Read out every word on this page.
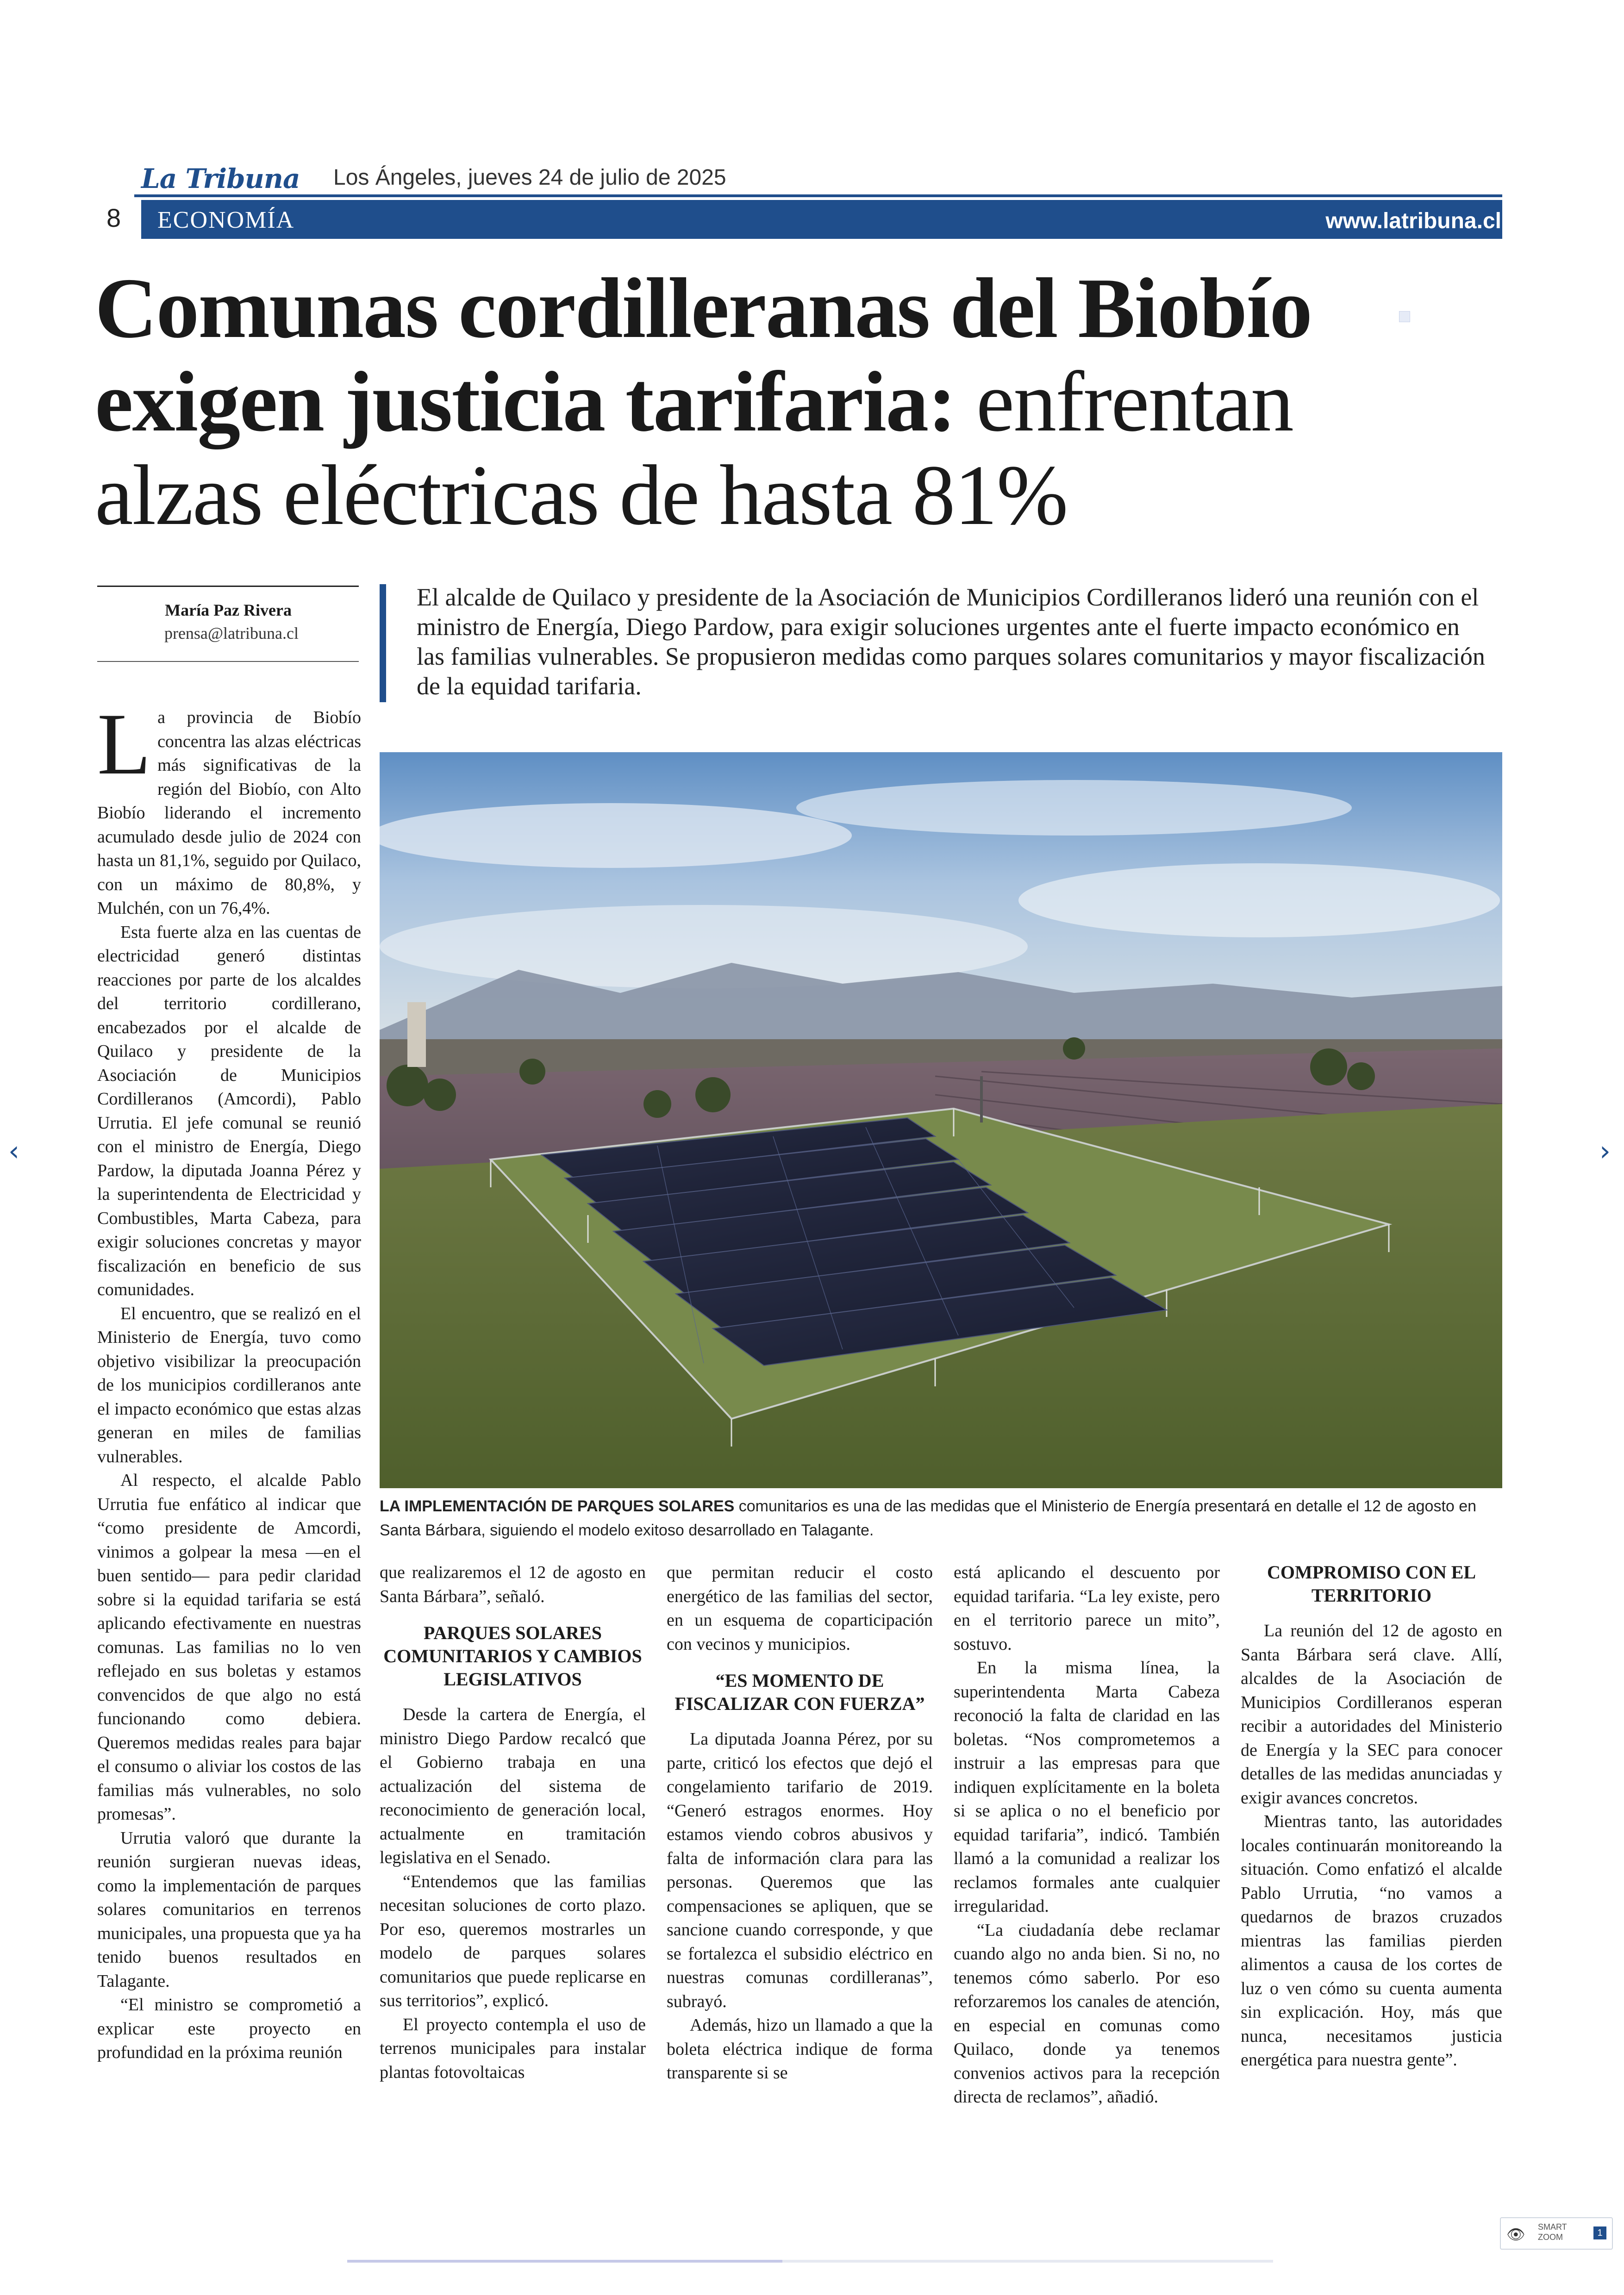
La Tribuna Los Ángeles, jueves 24 de julio de 2025
8 ECONOMÍA	www.latribuna.cl
Comunas cordilleranas del Biobío
exigen justicia tarifaria: enfrentan
alzas eléctricas de hasta 81%
María Paz Rivera
prensa@latribuna.cl
El alcalde de Quilaco y presidente de la Asociación de Municipios Cordilleranos lideró una reunión con el ministro de Energía, Diego Pardow, para exigir soluciones urgentes ante el fuerte impacto económico en las familias vulnerables. Se propusieron medidas como parques solares comunitarios y mayor fiscalización de la equidad tarifaria.
LA IMPLEMENTACIÓN DE PARQUES SOLARES comunitarios es una de las medidas que el Ministerio de Energía presentará en detalle el 12 de agosto en Santa Bárbara, siguiendo el modelo exitoso desarrollado en Talagante.

La provincia de Biobío concentra las alzas eléctricas más significativas de la región del Biobío, con Alto Biobío liderando el incremento acumulado desde julio de 2024 con hasta un 81,1%, seguido por Quilaco, con un máximo de 80,8%, y Mulchén, con un 76,4%.

Esta fuerte alza en las cuentas de electricidad generó distintas reacciones por parte de los alcaldes del territorio cordillerano, encabezados por el alcalde de Quilaco y presidente de la Asociación de Municipios Cordilleranos (Amcordi), Pablo Urrutia. El jefe comunal se reunió con el ministro de Energía, Diego Pardow, la diputada Joanna Pérez y la superintendenta de Electricidad y Combustibles, Marta Cabeza, para exigir soluciones concretas y mayor fiscalización en beneficio de sus comunidades.

El encuentro, que se realizó en el Ministerio de Energía, tuvo como objetivo visibilizar la preocupación de los municipios cordilleranos ante el impacto económico que estas alzas generan en miles de familias vulnerables.

Al respecto, el alcalde Pablo Urrutia fue enfático al indicar que “como presidente de Amcordi, vinimos a golpear la mesa —en el buen sentido— para pedir claridad sobre si la equidad tarifaria se está aplicando efectivamente en nuestras comunas. Las familias no lo ven reflejado en sus boletas y estamos convencidos de que algo no está funcionando como debiera. Queremos medidas reales para bajar el consumo o aliviar los costos de las familias más vulnerables, no solo promesas”.

Urrutia valoró que durante la reunión surgieran nuevas ideas, como la implementación de parques solares comunitarios en terrenos municipales, una propuesta que ya ha tenido buenos resultados en Talagante.

“El ministro se comprometió a explicar este proyecto en profundidad en la próxima reunión

que realizaremos el 12 de agosto en Santa Bárbara”, señaló.

PARQUES SOLARES COMUNITARIOS Y CAMBIOS LEGISLATIVOS

Desde la cartera de Energía, el ministro Diego Pardow recalcó que el Gobierno trabaja en una actualización del sistema de reconocimiento de generación local, actualmente en tramitación legislativa en el Senado.

“Entendemos que las familias necesitan soluciones de corto plazo. Por eso, queremos mostrarles un modelo de parques solares comunitarios que puede replicarse en sus territorios”, explicó.

El proyecto contempla el uso de terrenos municipales para instalar plantas fotovoltaicas

que permitan reducir el costo energético de las familias del sector, en un esquema de coparticipación con vecinos y municipios.

“ES MOMENTO DE FISCALIZAR CON FUERZA”

La diputada Joanna Pérez, por su parte, criticó los efectos que dejó el congelamiento tarifario de 2019. “Generó estragos enormes. Hoy estamos viendo cobros abusivos y falta de información clara para las personas. Queremos que las compensaciones se apliquen, que se sancione cuando corresponde, y que se fortalezca el subsidio eléctrico en nuestras comunas cordilleranas”, subrayó.

Además, hizo un llamado a que la boleta eléctrica indique de forma transparente si se

está aplicando el descuento por equidad tarifaria. “La ley existe, pero en el territorio parece un mito”, sostuvo.

En la misma línea, la superintendenta Marta Cabeza reconoció la falta de claridad en las boletas. “Nos comprometemos a instruir a las empresas para que indiquen explícitamente en la boleta si se aplica o no el beneficio por equidad tarifaria”, indicó. También llamó a la comunidad a realizar los reclamos formales ante cualquier irregularidad.

“La ciudadanía debe reclamar cuando algo no anda bien. Si no, no tenemos cómo saberlo. Por eso reforzaremos los canales de atención, en especial en comunas como Quilaco, donde ya tenemos convenios activos para la recepción directa de reclamos”, añadió.

COMPROMISO CON EL TERRITORIO

La reunión del 12 de agosto en Santa Bárbara será clave. Allí, alcaldes de la Asociación de Municipios Cordilleranos esperan recibir a autoridades del Ministerio de Energía y la SEC para conocer detalles de las medidas anunciadas y exigir avances concretos.

Mientras tanto, las autoridades locales continuarán monitoreando la situación. Como enfatizó el alcalde Pablo Urrutia, “no vamos a quedarnos de brazos cruzados mientras las familias pierden alimentos a causa de los cortes de luz o ven cómo su cuenta aumenta sin explicación. Hoy, más que nunca, necesitamos justicia energética para nuestra gente”.

‹	›
👁 SMART ZOOM	1
